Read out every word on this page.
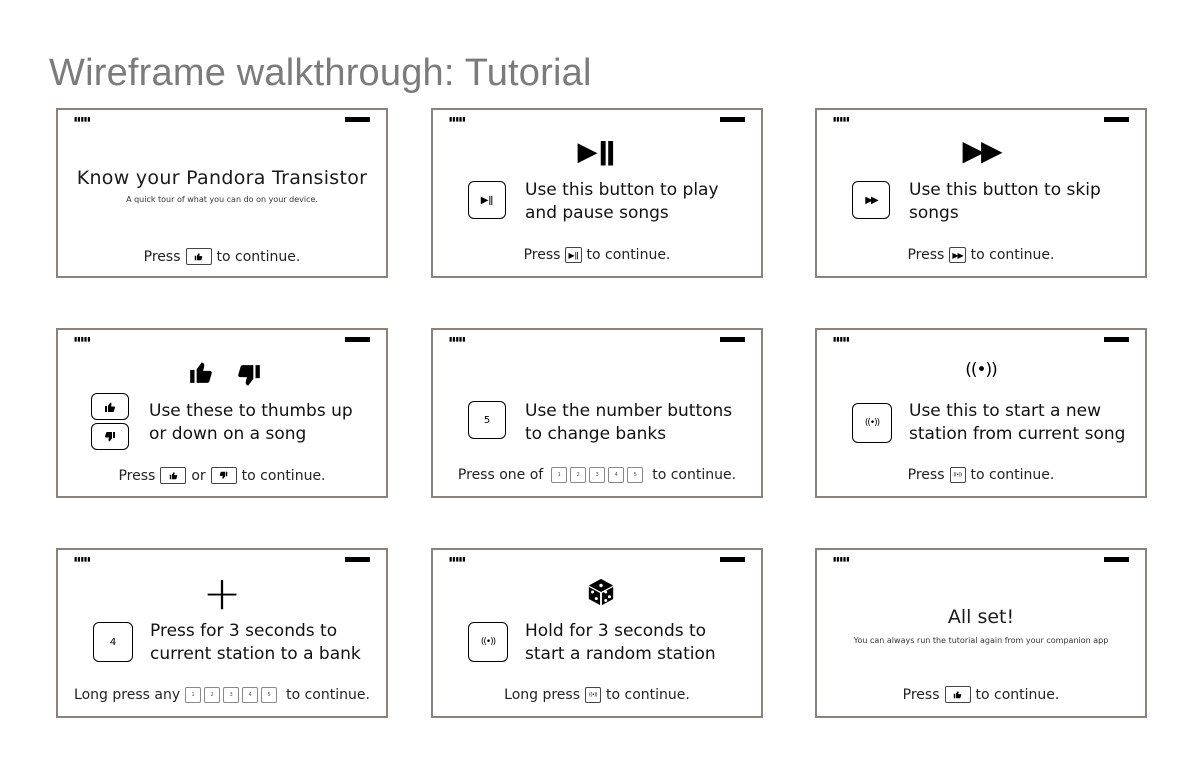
Wireframe walkthrough: Tutorial
▮▮▮▮▮
Know your Pandora Transistor
A quick tour of what you can do on your device.
Press	to continue.
▮▮▮▮▮
▶ǁ
▶ǁ	Use this button to play
and pause songs
Press	▶ǁ to continue.
▮▮▮▮▮
▶▶
▶▶	Use this button to skip
songs
Press	▶▶ to continue.
▮▮▮▮▮
Use these to thumbs up
or down on a song
Press	or	to continue.
▮▮▮▮▮
5	Use the number buttons
to change banks
Press one of	1	2	3	4	5	to continue.
▮▮▮▮▮
((•))
((•))
Use this to start a new
station from current song
Press	((•)) to continue.
▮▮▮▮▮
+
4
Press for 3 seconds to
current station to a bank
Long press any	1	2	3	4	5	to continue.
▮▮▮▮▮
((•))
Hold for 3 seconds to
start a random station
Long press	((•)) to continue.
▮▮▮▮▮
All set!
You can always run the tutorial again from your companion app
Press	to continue.
